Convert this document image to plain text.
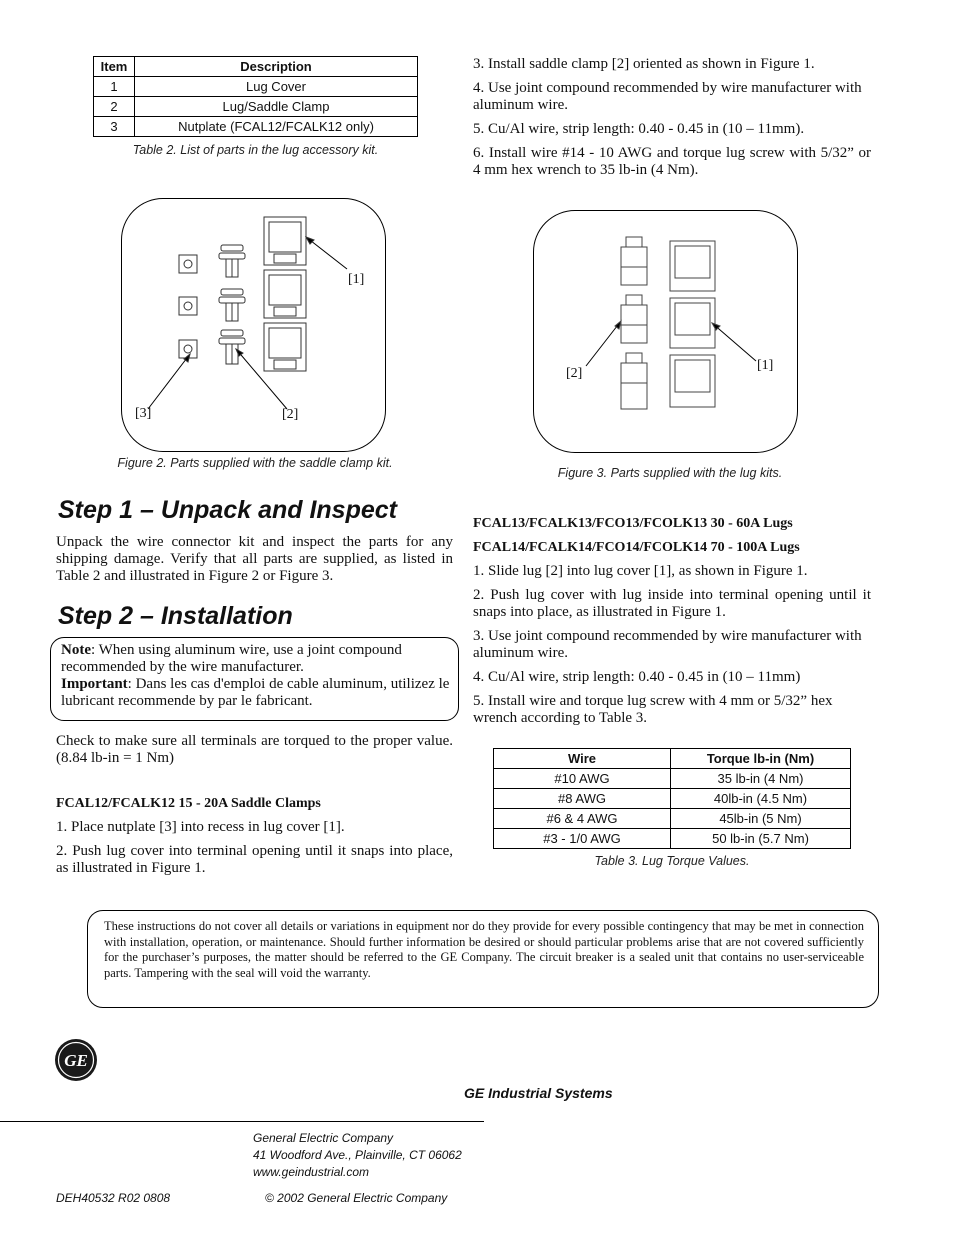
Item	Description
1	Lug Cover
2	Lug/Saddle Clamp
3	Nutplate (FCAL12/FCALK12 only)
Table 2. List of parts in the lug accessory kit.
3. Install saddle clamp [2] oriented as shown in Figure 1.
4. Use joint compound recommended by wire manufacturer with aluminum wire.
5. Cu/Al wire, strip length: 0.40 - 0.45 in (10 – 11mm).
6. Install wire #14 - 10 AWG and torque lug screw with 5/32” or 4 mm hex wrench to 35 lb-in (4 Nm).
[1]
[3]	[2]
Figure 2. Parts supplied with the saddle clamp kit.
[2]
[1]
Figure 3. Parts supplied with the lug kits.
Step 1 – Unpack and Inspect
Unpack the wire connector kit and inspect the parts for any shipping damage. Verify that all parts are supplied, as listed in Table 2 and illustrated in Figure 2 or Figure 3.
Step 2 – Installation
Note: When using aluminum wire, use a joint compound recommended by the wire manufacturer.
Important: Dans les cas d'emploi de cable aluminum, utilizez le lubricant recommende by par le fabricant.
Check to make sure all terminals are torqued to the proper value. (8.84 lb-in = 1 Nm)
FCAL12/FCALK12 15 - 20A Saddle Clamps
1. Place nutplate [3] into recess in lug cover [1].
2. Push lug cover into terminal opening until it snaps into place, as illustrated in Figure 1.
FCAL13/FCALK13/FCO13/FCOLK13 30 - 60A Lugs
FCAL14/FCALK14/FCO14/FCOLK14 70 - 100A Lugs
1. Slide lug [2] into lug cover [1], as shown in Figure 1.
2. Push lug cover with lug inside into terminal opening until it snaps into place, as illustrated in Figure 1.
3. Use joint compound recommended by wire manufacturer with aluminum wire.
4. Cu/Al wire, strip length: 0.40 - 0.45 in (10 – 11mm)
5. Install wire and torque lug screw with 4 mm or 5/32” hex wrench according to Table 3.
Wire	Torque lb-in (Nm)
#10 AWG	35 lb-in (4 Nm)
#8 AWG	40lb-in (4.5 Nm)
#6 & 4 AWG	45lb-in (5 Nm)
#3 - 1/0 AWG	50 lb-in (5.7 Nm)
Table 3. Lug Torque Values.
These instructions do not cover all details or variations in equipment nor do they provide for every possible contingency that may be met in connection with installation, operation, or maintenance. Should further information be desired or should particular problems arise that are not covered sufficiently for the purchaser’s purposes, the matter should be referred to the GE Company. The circuit breaker is a sealed unit that contains no user-serviceable parts. Tampering with the seal will void the warranty.
GE
GE Industrial Systems
General Electric Company
41 Woodford Ave., Plainville, CT 06062
www.geindustrial.com
DEH40532 R02 0808	© 2002 General Electric Company
